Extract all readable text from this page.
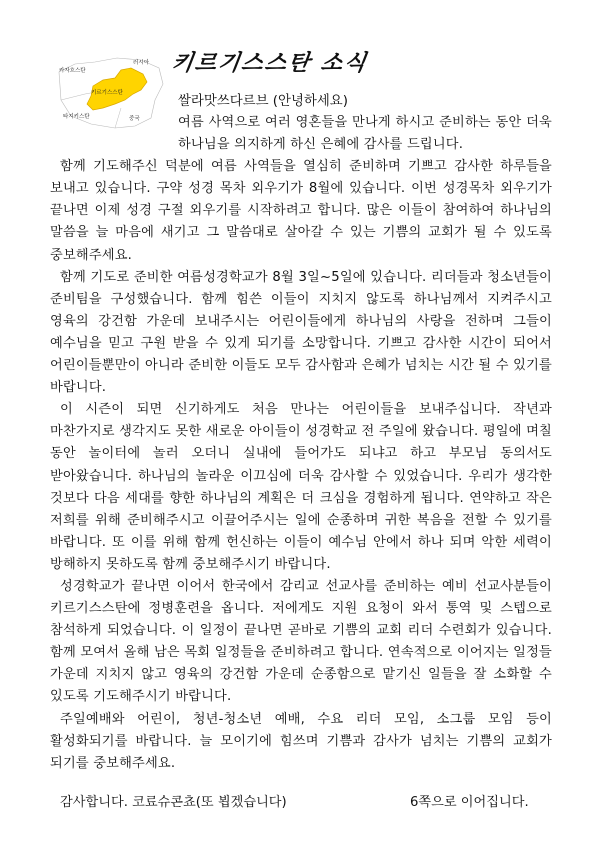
카자흐스탄
러시아
키르기스스탄
타지키스탄	중국
키르기스스탄 소식
쌀라맛쓰다르브 (안녕하세요)

여름 사역으로 여러 영혼들을 만나게 하시고 준비하는 동안 더욱 하나님을 의지하게 하신 은혜에 감사를 드립니다.

함께 기도해주신 덕분에 여름 사역들을 열심히 준비하며 기쁘고 감사한 하루들을 보내고 있습니다. 구약 성경 목차 외우기가 8월에 있습니다. 이번 성경목차 외우기가 끝나면 이제 성경 구절 외우기를 시작하려고 합니다. 많은 이들이 참여하여 하나님의 말씀을 늘 마음에 새기고 그 말씀대로 살아갈 수 있는 기쁨의 교회가 될 수 있도록 중보해주세요.

함께 기도로 준비한 여름성경학교가 8월 3일~5일에 있습니다. 리더들과 청소년들이 준비팀을 구성했습니다. 함께 힘쓴 이들이 지치지 않도록 하나님께서 지켜주시고 영육의 강건함 가운데 보내주시는 어린이들에게 하나님의 사랑을 전하며 그들이 예수님을 믿고 구원 받을 수 있게 되기를 소망합니다. 기쁘고 감사한 시간이 되어서 어린이들뿐만이 아니라 준비한 이들도 모두 감사함과 은혜가 넘치는 시간 될 수 있기를 바랍니다.

이 시즌이 되면 신기하게도 처음 만나는 어린이들을 보내주십니다. 작년과 마찬가지로 생각지도 못한 새로운 아이들이 성경학교 전 주일에 왔습니다. 평일에 며칠 동안 놀이터에 놀러 오더니 실내에 들어가도 되냐고 하고 부모님 동의서도 받아왔습니다. 하나님의 놀라운 이끄심에 더욱 감사할 수 있었습니다. 우리가 생각한 것보다 다음 세대를 향한 하나님의 계획은 더 크심을 경험하게 됩니다. 연약하고 작은 저희를 위해 준비해주시고 이끌어주시는 일에 순종하며 귀한 복음을 전할 수 있기를 바랍니다. 또 이를 위해 함께 헌신하는 이들이 예수님 안에서 하나 되며 악한 세력이 방해하지 못하도록 함께 중보해주시기 바랍니다.

성경학교가 끝나면 이어서 한국에서 감리교 선교사를 준비하는 예비 선교사분들이 키르기스스탄에 정병훈련을 옵니다. 저에게도 지원 요청이 와서 통역 및 스텝으로 참석하게 되었습니다. 이 일정이 끝나면 곧바로 기쁨의 교회 리더 수련회가 있습니다. 함께 모여서 올해 남은 목회 일정들을 준비하려고 합니다. 연속적으로 이어지는 일정들 가운데 지치지 않고 영육의 강건함 가운데 순종함으로 맡기신 일들을 잘 소화할 수 있도록 기도해주시기 바랍니다.

주일예배와 어린이, 청년-청소년 예배, 수요 리더 모임, 소그룹 모임 등이 활성화되기를 바랍니다. 늘 모이기에 힘쓰며 기쁨과 감사가 넘치는 기쁨의 교회가 되기를 중보해주세요.

감사합니다. 코료슈콘쵸(또 뵙겠습니다)	6쪽으로 이어집니다.
